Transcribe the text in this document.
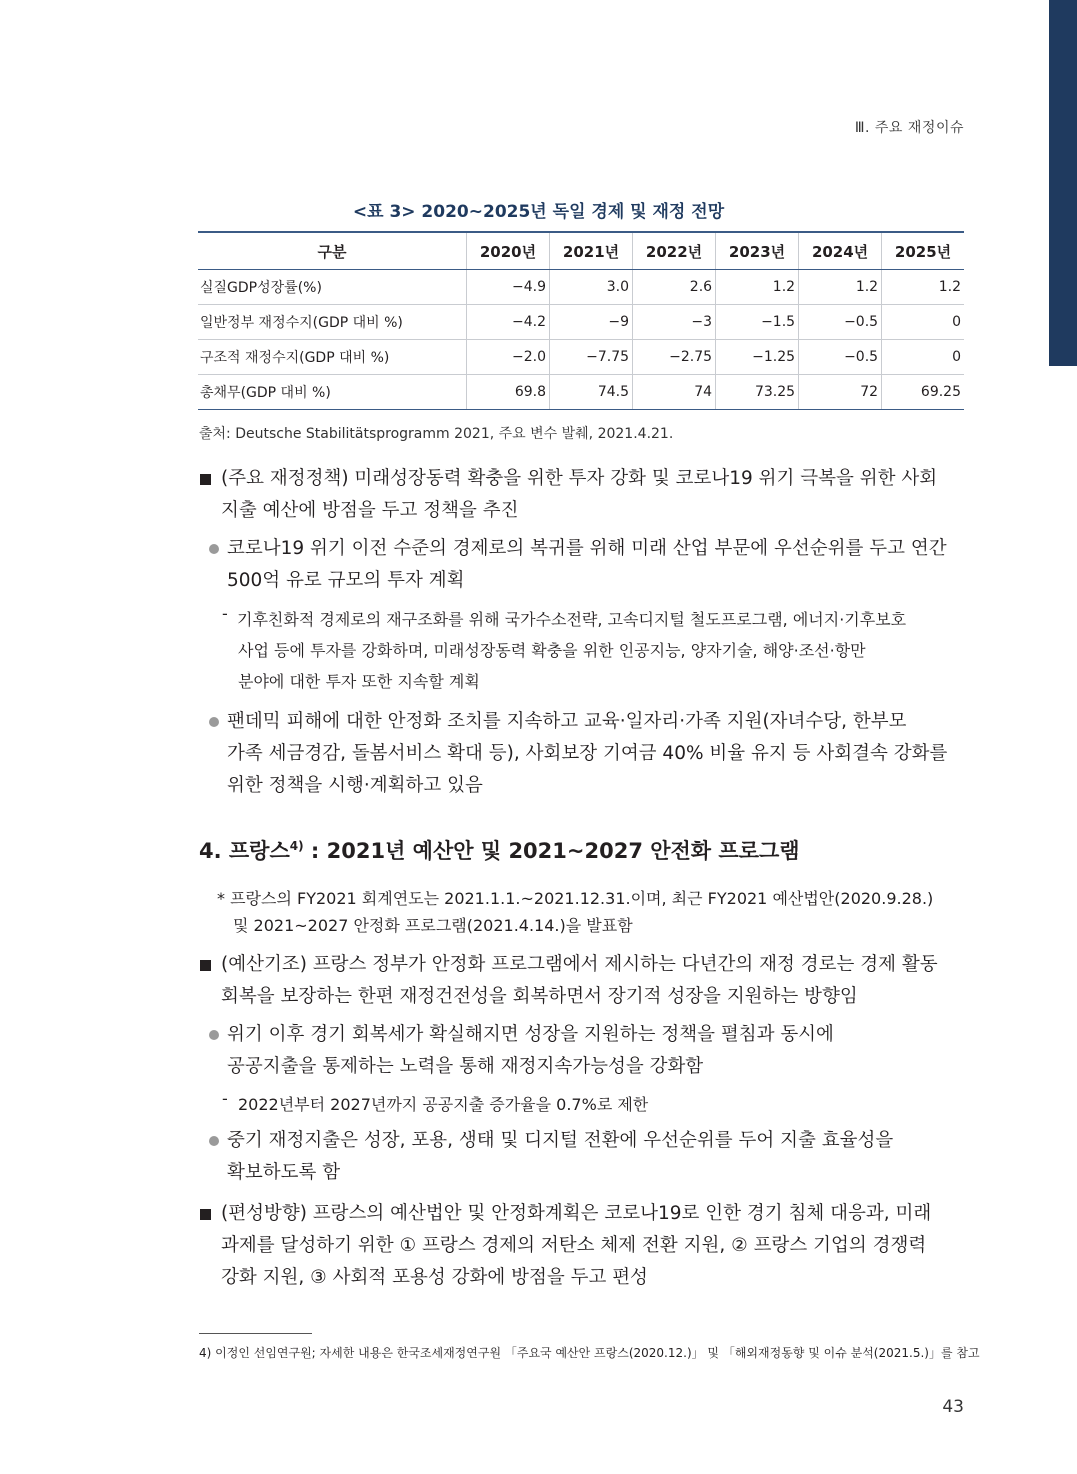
Ⅲ. 주요 재정이슈
<표 3> 2020~2025년 독일 경제 및 재정 전망
구분	2020년	2021년	2022년	2023년	2024년	2025년
실질GDP성장률(%)	−4.9	3.0	2.6	1.2	1.2	1.2
일반정부 재정수지(GDP 대비 %)	−4.2	−9	−3	−1.5	−0.5	0
구조적 재정수지(GDP 대비 %)	−2.0	−7.75	−2.75	−1.25	−0.5	0
총채무(GDP 대비 %)	69.8	74.5	74	73.25	72	69.25
출처: Deutsche Stabilitätsprogramm 2021, 주요 변수 발췌, 2021.4.21.
(주요 재정정책) 미래성장동력 확충을 위한 투자 강화 및 코로나19 위기 극복을 위한 사회
지출 예산에 방점을 두고 정책을 추진
코로나19 위기 이전 수준의 경제로의 복귀를 위해 미래 산업 부문에 우선순위를 두고 연간
500억 유로 규모의 투자 계획
- 기후친화적 경제로의 재구조화를 위해 국가수소전략, 고속디지털 철도프로그램, 에너지·기후보호
사업 등에 투자를 강화하며, 미래성장동력 확충을 위한 인공지능, 양자기술, 해양·조선·항만
분야에 대한 투자 또한 지속할 계획
팬데믹 피해에 대한 안정화 조치를 지속하고 교육·일자리·가족 지원(자녀수당, 한부모
가족 세금경감, 돌봄서비스 확대 등), 사회보장 기여금 40% 비율 유지 등 사회결속 강화를
위한 정책을 시행·계획하고 있음
4. 프랑스$^{4)}$ : 2021년 예산안 및 2021~2027 안전화 프로그램
* 프랑스의 FY2021 회계연도는 2021.1.1.~2021.12.31.이며, 최근 FY2021 예산법안(2020.9.28.)
및 2021~2027 안정화 프로그램(2021.4.14.)을 발표함
(예산기조) 프랑스 정부가 안정화 프로그램에서 제시하는 다년간의 재정 경로는 경제 활동
회복을 보장하는 한편 재정건전성을 회복하면서 장기적 성장을 지원하는 방향임
위기 이후 경기 회복세가 확실해지면 성장을 지원하는 정책을 펼침과 동시에
공공지출을 통제하는 노력을 통해 재정지속가능성을 강화함
- 2022년부터 2027년까지 공공지출 증가율을 0.7%로 제한
중기 재정지출은 성장, 포용, 생태 및 디지털 전환에 우선순위를 두어 지출 효율성을
확보하도록 함
(편성방향) 프랑스의 예산법안 및 안정화계획은 코로나19로 인한 경기 침체 대응과, 미래
과제를 달성하기 위한 ① 프랑스 경제의 저탄소 체제 전환 지원, ② 프랑스 기업의 경쟁력
강화 지원, ③ 사회적 포용성 강화에 방점을 두고 편성
4) 이정인 선임연구원; 자세한 내용은 한국조세재정연구원 「주요국 예산안 프랑스(2020.12.)」 및 「해외재정동향 및 이슈 분석(2021.5.)」를 참고
43
